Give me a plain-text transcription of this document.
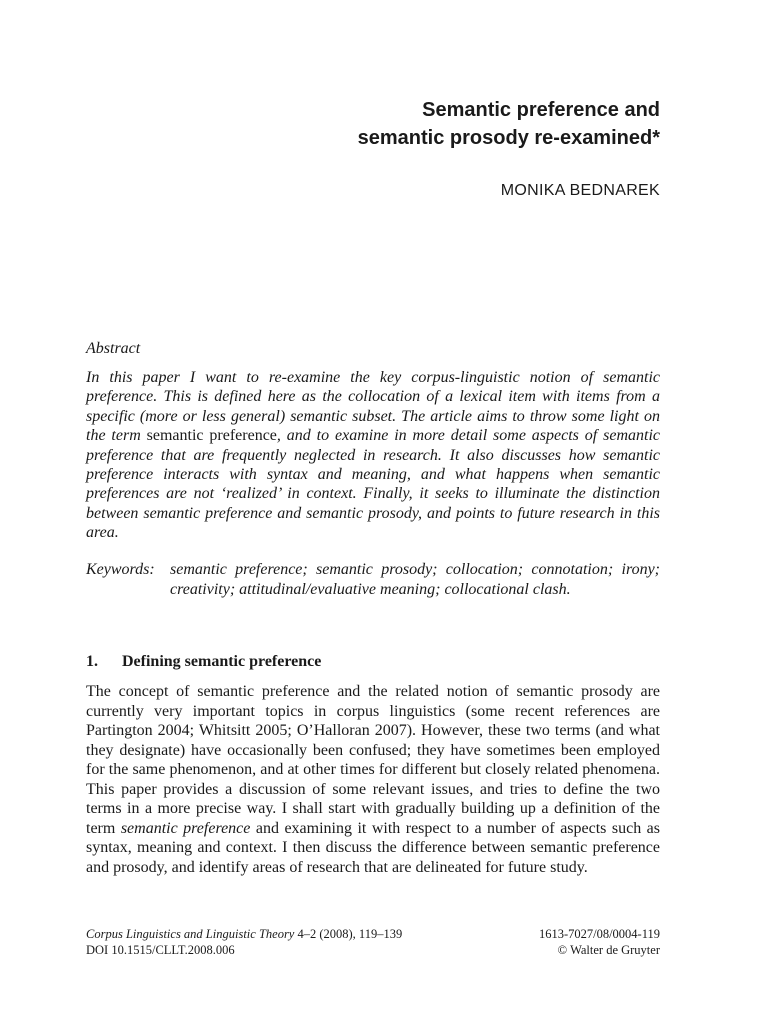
Semantic preference and
semantic prosody re-examined*
MONIKA BEDNAREK
Abstract
In this paper I want to re-examine the key corpus-linguistic notion of semantic preference. This is defined here as the collocation of a lexical item with items from a specific (more or less general) semantic subset. The article aims to throw some light on the term semantic preference, and to examine in more detail some aspects of semantic preference that are frequently neglected in research. It also discusses how semantic preference interacts with syntax and meaning, and what happens when semantic preferences are not ‘realized’ in context. Finally, it seeks to illuminate the distinction between semantic preference and semantic prosody, and points to future research in this area.
Keywords: semantic preference; semantic prosody; collocation; connotation; irony; creativity; attitudinal/evaluative meaning; collocational clash.
1. Defining semantic preference
The concept of semantic preference and the related notion of semantic prosody are currently very important topics in corpus linguistics (some recent references are Partington 2004; Whitsitt 2005; O’Halloran 2007). However, these two terms (and what they designate) have occasionally been confused; they have sometimes been employed for the same phenomenon, and at other times for different but closely related phenomena. This paper provides a discussion of some relevant issues, and tries to define the two terms in a more precise way. I shall start with gradually building up a definition of the term semantic preference and examining it with respect to a number of aspects such as syntax, meaning and context. I then discuss the difference between semantic preference and prosody, and identify areas of research that are delineated for future study.
Corpus Linguistics and Linguistic Theory 4–2 (2008), 119–139
DOI 10.1515/CLLT.2008.006
1613-7027/08/0004-119
© Walter de Gruyter
